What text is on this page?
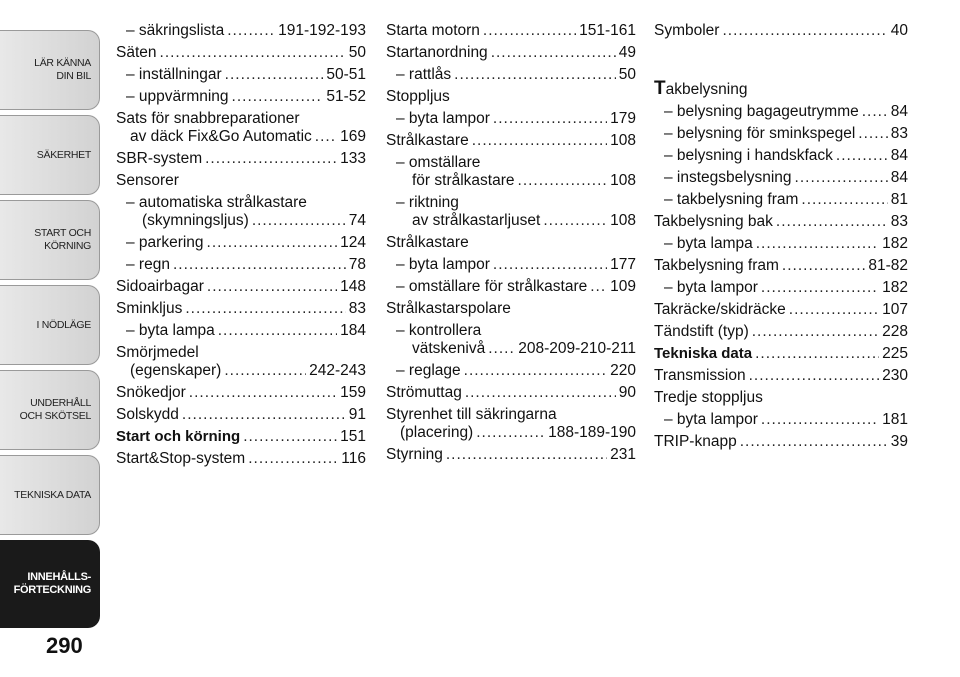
LÄR KÄNNA
DIN BIL
SÄKERHET
START OCH
KÖRNING
I NÖDLÄGE
UNDERHÅLL
OCH SKÖTSEL
TEKNISKA DATA
INNEHÅLLS-
FÖRTECKNING
290
– säkringslista .....	191-192-193
Säten .....	50
– inställningar .....	50-51
– uppvärmning .....	51-52
Sats för snabbreparationer
av däck Fix&Go Automatic ..... 169
SBR-system .....	133
Sensorer
– automatiska strålkastare
(skymningsljus) .....	74
– parkering .....	124
– regn .....	78
Sidoairbagar .....	148
Sminkljus .....	83
– byta lampa .....	184
Smörjmedel
(egenskaper) .....	242-243
Snökedjor .....	159
Solskydd .....	91
Start och körning .....	151
Start&Stop-system .....	116
Starta motorn .....	151-161
Startanordning .....	49
– rattlås .....	50
Stoppljus
– byta lampor .....	179
Strålkastare .....	108
– omställare
för strålkastare .....	108
– riktning
av strålkastarljuset .....	108
Strålkastare
– byta lampor .....	177
– omställare för strålkastare ..... 109
Strålkastarspolare
– kontrollera
vätskenivå ..... 208-209-210-211
– reglage .....	220
Strömuttag .....	90
Styrenhet till säkringarna
(placering) .....	188-189-190
Styrning .....	231
Symboler .....	40
Takbelysning
– belysning bagageutrymme ..... 84
– belysning för sminkspegel ..... 83
– belysning i handskfack .....	84
– instegsbelysning .....	84
– takbelysning fram .....	81
Takbelysning bak .....	83
– byta lampa .....	182
Takbelysning fram .....	81-82
– byta lampor .....	182
Takräcke/skidräcke .....	107
Tändstift (typ) .....	228
Tekniska data .....	225
Transmission .....	230
Tredje stoppljus
– byta lampor .....	181
TRIP-knapp .....	39
